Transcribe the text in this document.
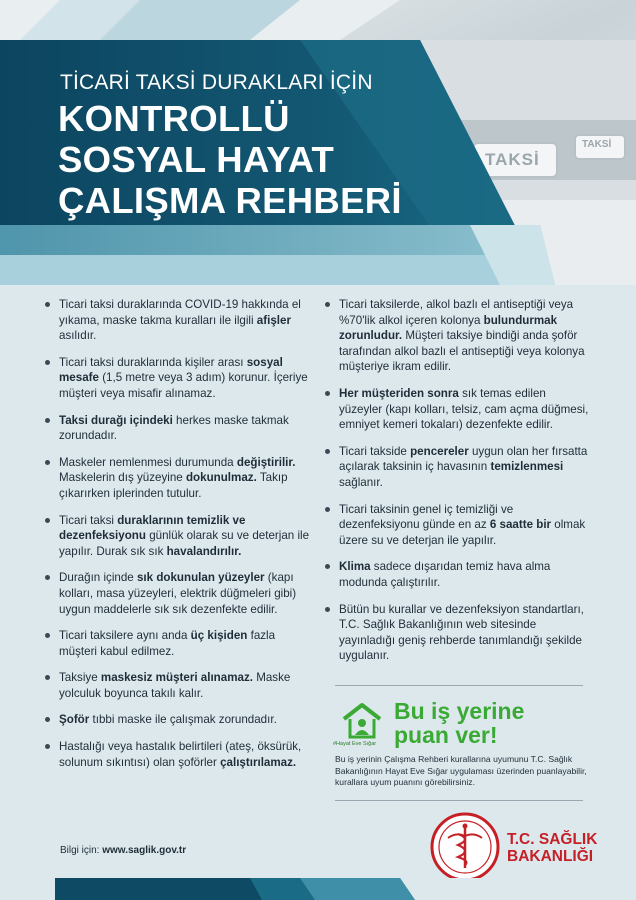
TAKSİ
TAKSİ
TİCARİ TAKSİ DURAKLARI İÇİN
KONTROLLÜ
SOSYAL HAYAT
ÇALIŞMA REHBERİ
Ticari taksi duraklarında COVID-19 hakkında el yıkama, maske takma kuralları ile ilgili afişler asılıdır.
Ticari taksi duraklarında kişiler arası sosyal mesafe (1,5 metre veya 3 adım) korunur. İçeriye müşteri veya misafir alınamaz.
Taksi durağı içindeki herkes maske takmak zorundadır.
Maskeler nemlenmesi durumunda değiştirilir. Maskelerin dış yüzeyine dokunulmaz. Takıp çıkarırken iplerinden tutulur.
Ticari taksi duraklarının temizlik ve dezenfeksiyonu günlük olarak su ve deterjan ile yapılır. Durak sık sık havalandırılır.
Durağın içinde sık dokunulan yüzeyler (kapı kolları, masa yüzeyleri, elektrik düğmeleri gibi) uygun maddelerle sık sık dezenfekte edilir.
Ticari taksilere aynı anda üç kişiden fazla müşteri kabul edilmez.
Taksiye maskesiz müşteri alınamaz. Maske yolculuk boyunca takılı kalır.
Şoför tıbbi maske ile çalışmak zorundadır.
Hastalığı veya hastalık belirtileri (ateş, öksürük, solunum sıkıntısı) olan şoförler çalıştırılamaz.
Ticari taksilerde, alkol bazlı el antiseptiği veya %70'lik alkol içeren kolonya bulundurmak zorunludur. Müşteri taksiye bindiği anda şoför tarafından alkol bazlı el antiseptiği veya kolonya müşteriye ikram edilir.
Her müşteriden sonra sık temas edilen yüzeyler (kapı kolları, telsiz, cam açma düğmesi, emniyet kemeri tokaları) dezenfekte edilir.
Ticari takside pencereler uygun olan her fırsatta açılarak taksinin iç havasının temizlenmesi sağlanır.
Ticari taksinin genel iç temizliği ve dezenfeksiyonu günde en az 6 saatte bir olmak üzere su ve deterjan ile yapılır.
Klima sadece dışarıdan temiz hava alma modunda çalıştırılır.
Bütün bu kurallar ve dezenfeksiyon standartları, T.C. Sağlık Bakanlığının web sitesinde yayınladığı geniş rehberde tanımlandığı şekilde uygulanır.
#Hayat Eve Sığar
Bu iş yerine
puan ver!
Bu iş yerinin Çalışma Rehberi kurallarına uyumunu T.C. Sağlık Bakanlığının Hayat Eve Sığar uygulaması üzerinden puanlayabilir, kurallara uyum puanını görebilirsiniz.
Bilgi için: www.saglik.gov.tr
T.C. SAĞLIK
BAKANLIĞI
